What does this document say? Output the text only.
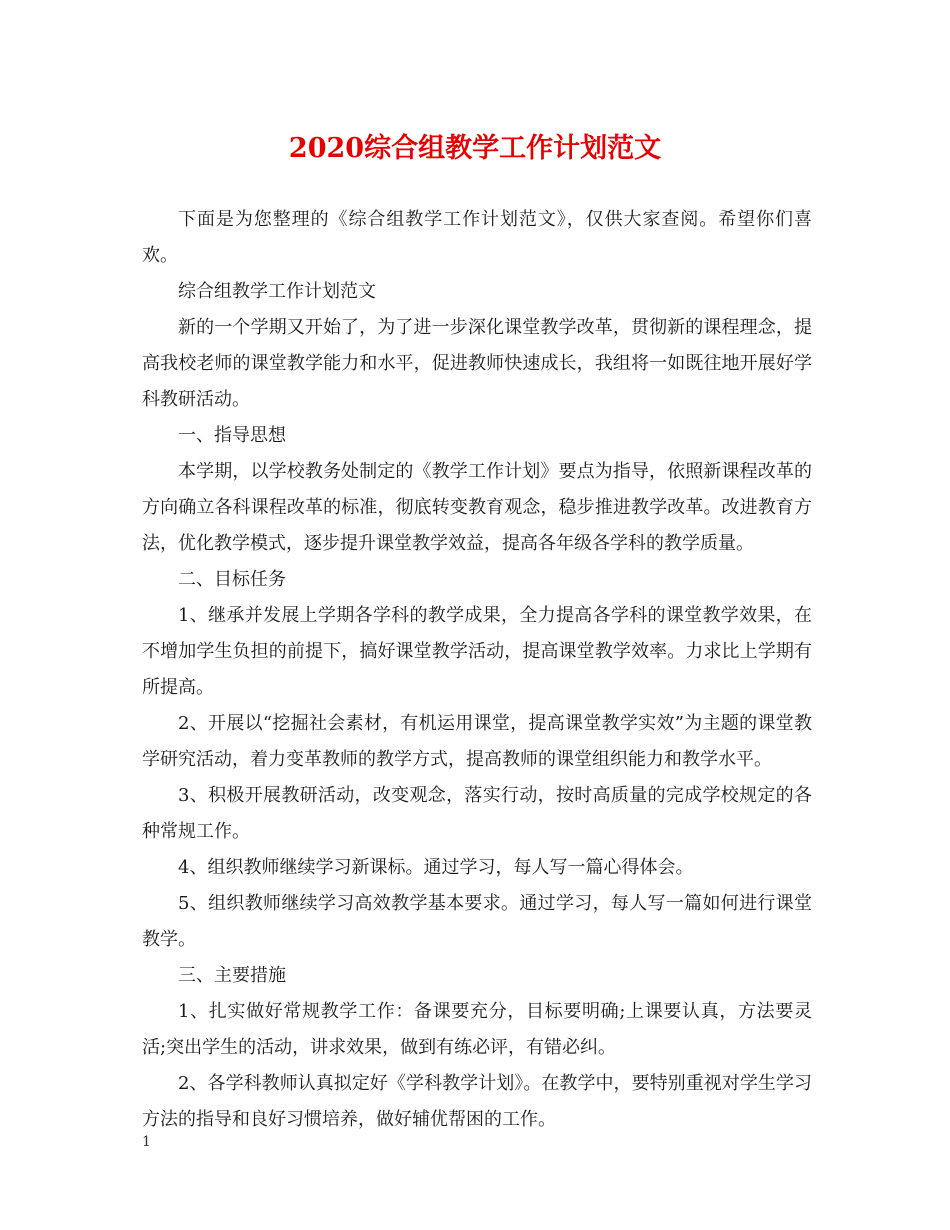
2020综合组教学工作计划范文

下面是为您整理的《综合组教学工作计划范文》，仅供大家查阅。希望你们喜欢。

综合组教学工作计划范文

新的一个学期又开始了，为了进一步深化课堂教学改革，贯彻新的课程理念，提高我校老师的课堂教学能力和水平，促进教师快速成长，我组将一如既往地开展好学科教研活动。

一、指导思想

本学期，以学校教务处制定的《教学工作计划》要点为指导，依照新课程改革的方向确立各科课程改革的标准，彻底转变教育观念，稳步推进教学改革。改进教育方法，优化教学模式，逐步提升课堂教学效益，提高各年级各学科的教学质量。

二、目标任务

1、继承并发展上学期各学科的教学成果，全力提高各学科的课堂教学效果，在不增加学生负担的前提下，搞好课堂教学活动，提高课堂教学效率。力求比上学期有所提高。

2、开展以“挖掘社会素材，有机运用课堂，提高课堂教学实效”为主题的课堂教学研究活动，着力变革教师的教学方式，提高教师的课堂组织能力和教学水平。

3、积极开展教研活动，改变观念，落实行动，按时高质量的完成学校规定的各种常规工作。

4、组织教师继续学习新课标。通过学习，每人写一篇心得体会。

5、组织教师继续学习高效教学基本要求。通过学习，每人写一篇如何进行课堂教学。

三、主要措施

1、扎实做好常规教学工作：备课要充分，目标要明确;上课要认真，方法要灵活;突出学生的活动，讲求效果，做到有练必评，有错必纠。

2、各学科教师认真拟定好《学科教学计划》。在教学中，要特别重视对学生学习方法的指导和良好习惯培养，做好辅优帮困的工作。

1
